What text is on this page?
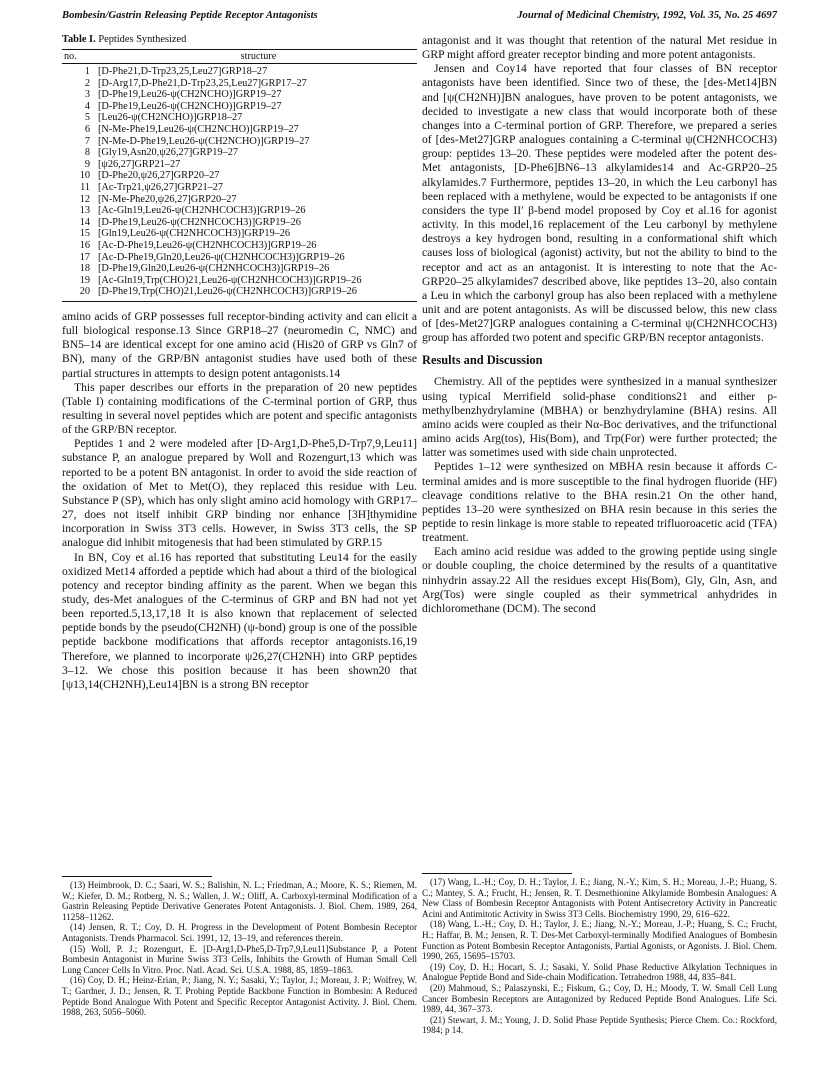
Bombesin/Gastrin Releasing Peptide Receptor Antagonists	Journal of Medicinal Chemistry, 1992, Vol. 35, No. 25 4697
Table I. Peptides Synthesized
no.	structure
1 [D-Phe21,D-Trp23,25,Leu27]GRP18–27
2 [D-Arg17,D-Phe21,D-Trp23,25,Leu27]GRP17–27
3 [D-Phe19,Leu26-ψ(CH2NCHO)]GRP19–27
4 [D-Phe19,Leu26-ψ(CH2NCHO)]GRP19–27
5 [Leu26-ψ(CH2NCHO)]GRP18–27
6 [N-Me-Phe19,Leu26-ψ(CH2NCHO)]GRP19–27
7 [N-Me-D-Phe19,Leu26-ψ(CH2NCHO)]GRP19–27
8 [Gly19,Asn20,ψ26,27]GRP19–27
9 [ψ26,27]GRP21–27
10 [D-Phe20,ψ26,27]GRP20–27
11 [Ac-Trp21,ψ26,27]GRP21–27
12 [N-Me-Phe20,ψ26,27]GRP20–27
13 [Ac-Gln19,Leu26-ψ(CH2NHCOCH3)]GRP19–26
14 [D-Phe19,Leu26-ψ(CH2NHCOCH3)]GRP19–26
15 [Gln19,Leu26-ψ(CH2NHCOCH3)]GRP19–26
16 [Ac-D-Phe19,Leu26-ψ(CH2NHCOCH3)]GRP19–26
17 [Ac-D-Phe19,Gln20,Leu26-ψ(CH2NHCOCH3)]GRP19–26
18 [D-Phe19,Gln20,Leu26-ψ(CH2NHCOCH3)]GRP19–26
19 [Ac-Gln19,Trp(CHO)21,Leu26-ψ(CH2NHCOCH3)]GRP19–26
20 [D-Phe19,Trp(CHO)21,Leu26-ψ(CH2NHCOCH3)]GRP19–26

amino acids of GRP possesses full receptor-binding activity and can elicit a full biological response.13 Since GRP18–27 (neuromedin C, NMC) and BN5–14 are identical except for one amino acid (His20 of GRP vs Gln7 of BN), many of the GRP/BN antagonist studies have used both of these partial structures in attempts to design potent antagonists.14

This paper describes our efforts in the preparation of 20 new peptides (Table I) containing modifications of the C-terminal portion of GRP, thus resulting in several novel peptides which are potent and specific antagonists of the GRP/BN receptor.

Peptides 1 and 2 were modeled after [D-Arg1,D-Phe5,D-Trp7,9,Leu11] substance P, an analogue prepared by Woll and Rozengurt,13 which was reported to be a potent BN antagonist. In order to avoid the side reaction of the oxidation of Met to Met(O), they replaced this residue with Leu. Substance P (SP), which has only slight amino acid homology with GRP17–27, does not itself inhibit GRP binding nor enhance [3H]thymidine incorporation in Swiss 3T3 cells. However, in Swiss 3T3 cells, the SP analogue did inhibit mitogenesis that had been stimulated by GRP.15

In BN, Coy et al.16 has reported that substituting Leu14 for the easily oxidized Met14 afforded a peptide which had about a third of the biological potency and receptor binding affinity as the parent. When we began this study, des-Met analogues of the C-terminus of GRP and BN had not yet been reported.5,13,17,18 It is also known that replacement of selected peptide bonds by the pseudo(CH2NH) (ψ-bond) group is one of the possible peptide backbone modifications that affords receptor antagonists.16,19 Therefore, we planned to incorporate ψ26,27(CH2NH) into GRP peptides 3–12. We chose this position because it has been shown20 that [ψ13,14(CH2NH),Leu14]BN is a strong BN receptor

antagonist and it was thought that retention of the natural Met residue in GRP might afford greater receptor binding and more potent antagonists.

Jensen and Coy14 have reported that four classes of BN receptor antagonists have been identified. Since two of these, the [des-Met14]BN and [ψ(CH2NH)]BN analogues, have proven to be potent antagonists, we decided to investigate a new class that would incorporate both of these changes into a C-terminal portion of GRP. Therefore, we prepared a series of [des-Met27]GRP analogues containing a C-terminal ψ(CH2NHCOCH3) group: peptides 13–20. These peptides were modeled after the potent des-Met antagonists, [D-Phe6]BN6–13 alkylamides14 and Ac-GRP20–25 alkylamides.7 Furthermore, peptides 13–20, in which the Leu carbonyl has been replaced with a methylene, would be expected to be antagonists if one considers the type II′ β-bend model proposed by Coy et al.16 for agonist activity. In this model,16 replacement of the Leu carbonyl by methylene destroys a key hydrogen bond, resulting in a conformational shift which causes loss of biological (agonist) activity, but not the ability to bind to the receptor and act as an antagonist. It is interesting to note that the Ac-GRP20–25 alkylamides7 described above, like peptides 13–20, also contain a Leu in which the carbonyl group has also been replaced with a methylene unit and are potent antagonists. As will be discussed below, this new class of [des-Met27]GRP analogues containing a C-terminal ψ(CH2NHCOCH3) group has afforded two potent and specific GRP/BN receptor antagonists.

Results and Discussion

Chemistry. All of the peptides were synthesized in a manual synthesizer using typical Merrifield solid-phase conditions21 and either p-methylbenzhydrylamine (MBHA) or benzhydrylamine (BHA) resins. All amino acids were coupled as their Nα-Boc derivatives, and the trifunctional amino acids Arg(tos), His(Bom), and Trp(For) were further protected; the latter was sometimes used with side chain unprotected.

Peptides 1–12 were synthesized on MBHA resin because it affords C-terminal amides and is more susceptible to the final hydrogen fluoride (HF) cleavage conditions relative to the BHA resin.21 On the other hand, peptides 13–20 were synthesized on BHA resin because in this series the peptide to resin linkage is more stable to repeated trifluoroacetic acid (TFA) treatment.

Each amino acid residue was added to the growing peptide using single or double coupling, the choice determined by the results of a quantitative ninhydrin assay.22 All the residues except His(Bom), Gly, Gln, Asn, and Arg(Tos) were single coupled as their symmetrical anhydrides in dichloromethane (DCM). The second

(13) Heimbrook, D. C.; Saari, W. S.; Balishin, N. L.; Friedman, A.; Moore, K. S.; Riemen, M. W.; Kiefer, D. M.; Rotberg, N. S.; Wallen, J. W.; Oliff, A. Carboxyl-terminal Modification of a Gastrin Releasing Peptide Derivative Generates Potent Antagonists. J. Biol. Chem. 1989, 264, 11258–11262.

(14) Jensen, R. T.; Coy, D. H. Progress in the Development of Potent Bombesin Receptor Antagonists. Trends Pharmacol. Sci. 1991, 12, 13–19, and references therein.

(15) Woll, P. J.; Rozengurt, E. [D-Arg1,D-Phe5,D-Trp7,9,Leu11]Substance P, a Potent Bombesin Antagonist in Murine Swiss 3T3 Cells, Inhibits the Growth of Human Small Cell Lung Cancer Cells In Vitro. Proc. Natl. Acad. Sci. U.S.A. 1988, 85, 1859–1863.

(16) Coy, D. H.; Heinz-Erian, P.; Jiang, N. Y.; Sasaki, Y.; Taylor, J.; Moreau, J. P.; Wolfrey, W. T.; Gardner, J. D.; Jensen, R. T. Probing Peptide Backbone Function in Bombesin: A Reduced Peptide Bond Analogue With Potent and Specific Receptor Antagonist Activity. J. Biol. Chem. 1988, 263, 5056–5060.

(17) Wang, L.-H.; Coy, D. H.; Taylor, J. E.; Jiang, N.-Y.; Kim, S. H.; Moreau, J.-P.; Huang, S. C.; Mantey, S. A.; Frucht, H.; Jensen, R. T. Desmethionine Alkylamide Bombesin Analogues: A New Class of Bombesin Receptor Antagonists with Potent Antisecretory Activity in Pancreatic Acini and Antimitotic Activity in Swiss 3T3 Cells. Biochemistry 1990, 29, 616–622.

(18) Wang, L.-H.; Coy, D. H.; Taylor, J. E.; Jiang, N.-Y.; Moreau, J.-P.; Huang, S. C.; Frucht, H.; Haffar, B. M.; Jensen, R. T. Des-Met Carboxyl-terminally Modified Analogues of Bombesin Function as Potent Bombesin Receptor Antagonists, Partial Agonists, or Agonists. J. Biol. Chem. 1990, 265, 15695–15703.

(19) Coy, D. H.; Hocart, S. J.; Sasaki, Y. Solid Phase Reductive Alkylation Techniques in Analogue Peptide Bond and Side-chain Modification. Tetrahedron 1988, 44, 835–841.

(20) Mahmoud, S.; Palaszynski, E.; Fiskum, G.; Coy, D. H.; Moody, T. W. Small Cell Lung Cancer Bombesin Receptors are Antagonized by Reduced Peptide Bond Analogues. Life Sci. 1989, 44, 367–373.

(21) Stewart, J. M.; Young, J. D. Solid Phase Peptide Synthesis; Pierce Chem. Co.: Rockford, 1984; p 14.
